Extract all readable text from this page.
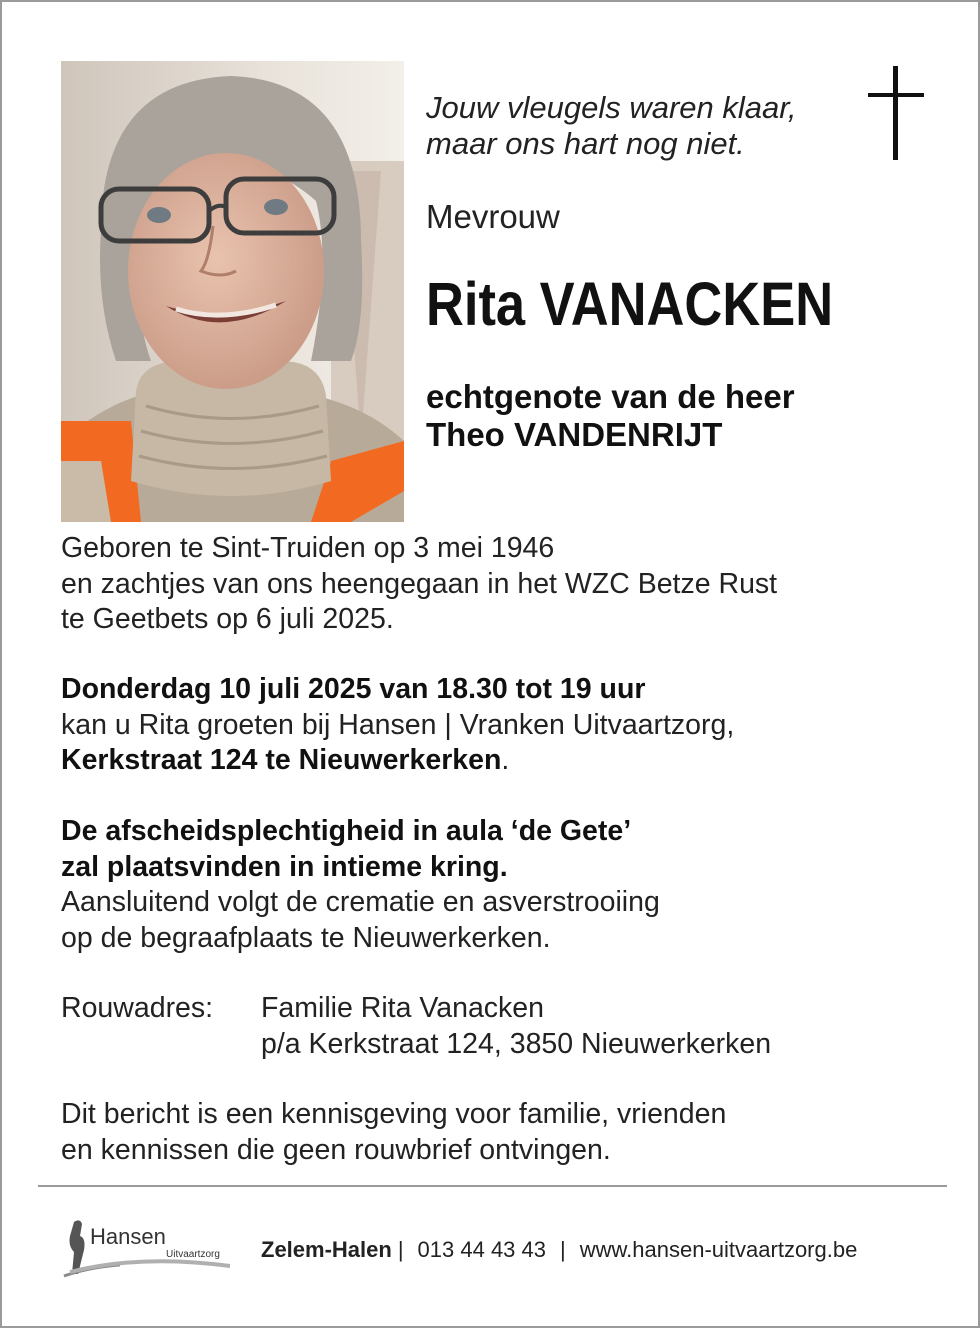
Jouw vleugels waren klaar,
maar ons hart nog niet.
Mevrouw
Rita VANACKEN
echtgenote van de heer
Theo VANDENRIJT
Geboren te Sint-Truiden op 3 mei 1946
en zachtjes van ons heengegaan in het WZC Betze Rust
te Geetbets op 6 juli 2025.
Donderdag 10 juli 2025 van 18.30 tot 19 uur
kan u Rita groeten bij Hansen | Vranken Uitvaartzorg,
Kerkstraat 124 te Nieuwerkerken.
De afscheidsplechtigheid in aula ‘de Gete’
zal plaatsvinden in intieme kring.
Aansluitend volgt de crematie en asverstrooiing
op de begraafplaats te Nieuwerkerken.
Rouwadres: Familie Rita Vanacken
p/a Kerkstraat 124, 3850 Nieuwerkerken
Dit bericht is een kennisgeving voor familie, vrienden
en kennissen die geen rouwbrief ontvingen.
Hansen
Uitvaartzorg Zelem-Halen | 013 44 43 43 | www.hansen-uitvaartzorg.be
